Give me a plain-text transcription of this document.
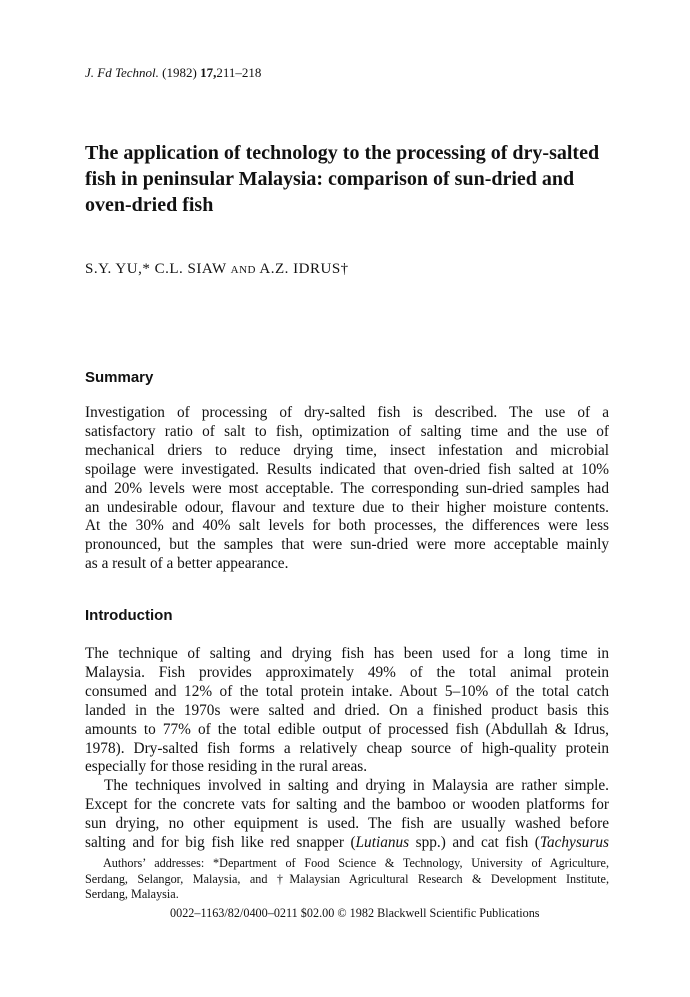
J. Fd Technol. (1982) 17,211–218
The application of technology to the processing of dry-salted
fish in peninsular Malaysia: comparison of sun-dried and
oven-dried fish
S.Y. YU,* C.L. SIAW AND A.Z. IDRUS†
Summary
Investigation of processing of dry-salted fish is described. The use of a
satisfactory ratio of salt to fish, optimization of salting time and the use of
mechanical driers to reduce drying time, insect infestation and microbial
spoilage were investigated. Results indicated that oven-dried fish salted at 10%
and 20% levels were most acceptable. The corresponding sun-dried samples had
an undesirable odour, flavour and texture due to their higher moisture contents.
At the 30% and 40% salt levels for both processes, the differences were less
pronounced, but the samples that were sun-dried were more acceptable mainly
as a result of a better appearance.
Introduction
The technique of salting and drying fish has been used for a long time in
Malaysia. Fish provides approximately 49% of the total animal protein
consumed and 12% of the total protein intake. About 5–10% of the total catch
landed in the 1970s were salted and dried. On a finished product basis this
amounts to 77% of the total edible output of processed fish (Abdullah & Idrus,
1978). Dry-salted fish forms a relatively cheap source of high-quality protein
especially for those residing in the rural areas.
The techniques involved in salting and drying in Malaysia are rather simple.
Except for the concrete vats for salting and the bamboo or wooden platforms for
sun drying, no other equipment is used. The fish are usually washed before
salting and for big fish like red snapper (Lutianus spp.) and cat fish (Tachysurus
Authors’ addresses: *Department of Food Science & Technology, University of Agriculture,
Serdang, Selangor, Malaysia, and †Malaysian Agricultural Research & Development Institute,
Serdang, Malaysia.
0022–1163/82/0400–0211 $02.00 © 1982 Blackwell Scientific Publications
